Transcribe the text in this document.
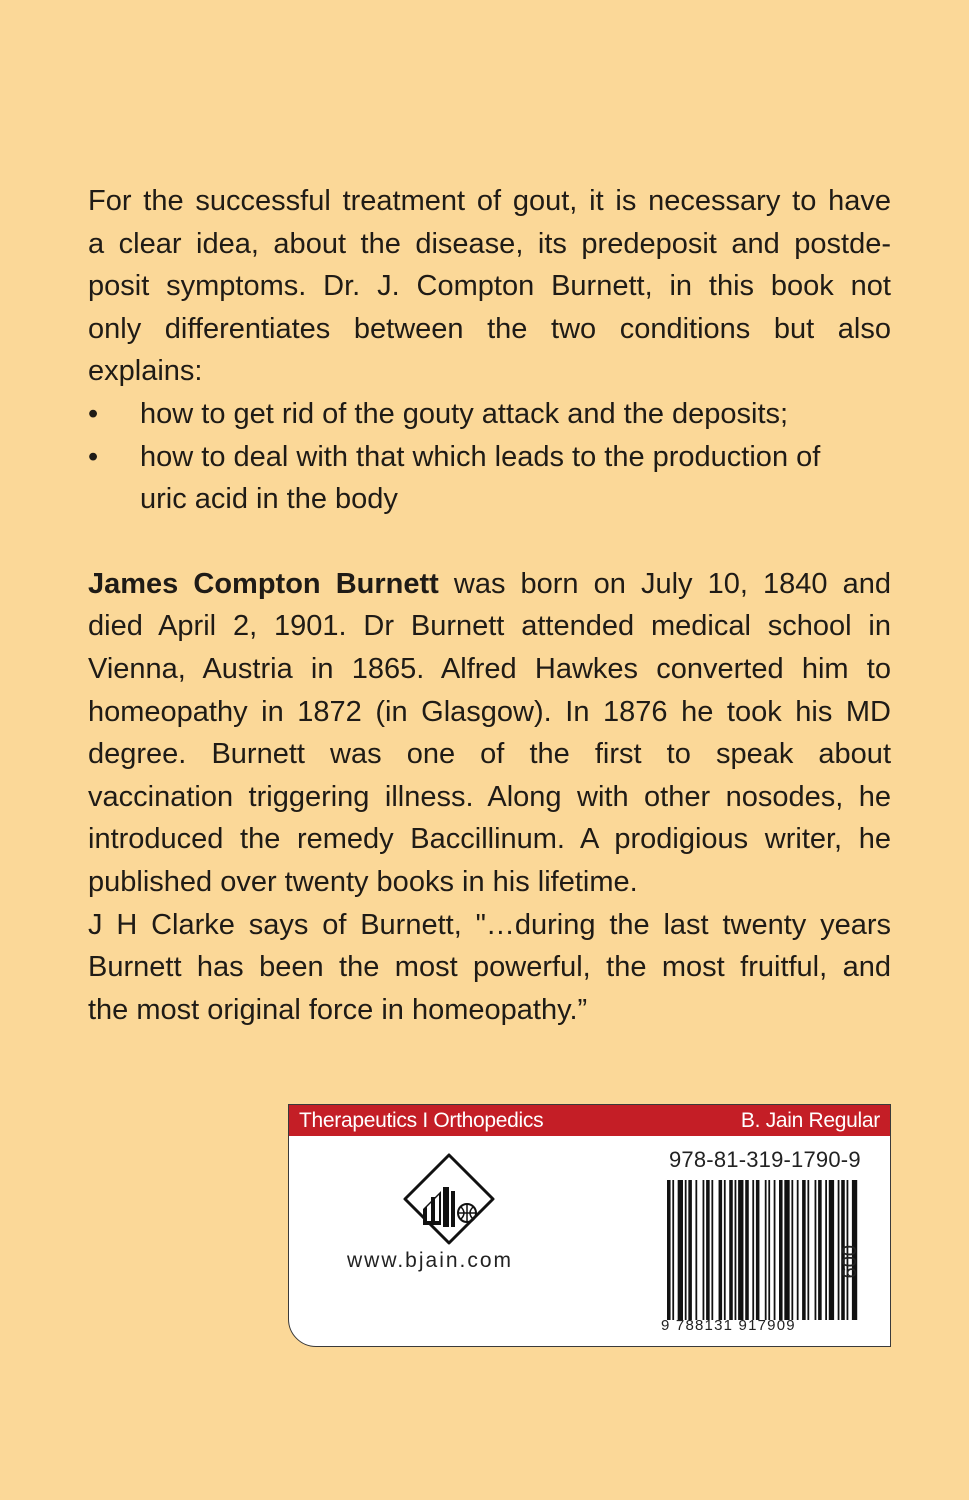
For the successful treatment of gout, it is necessary to have
a clear idea, about the disease, its predeposit and postde-
posit symptoms. Dr. J. Compton Burnett, in this book not
only differentiates between the two conditions but also
explains:
•	how to get rid of the gouty attack and the deposits;
•	how to deal with that which leads to the production of uric acid in the body
James Compton Burnett was born on July 10, 1840 and
died April 2, 1901. Dr Burnett attended medical school in
Vienna, Austria in 1865. Alfred Hawkes converted him to
homeopathy in 1872 (in Glasgow). In 1876 he took his MD
degree. Burnett was one of the first to speak about
vaccination triggering illness. Along with other nosodes, he
introduced the remedy Baccillinum. A prodigious writer, he
published over twenty books in his lifetime.
J H Clarke says of Burnett, "…during the last twenty years
Burnett has been the most powerful, the most fruitful, and
the most original force in homeopathy.”
Therapeutics I Orthopedics	B. Jain Regular
www.bjain.com
978-81-319-1790-9
9 788131 917909
009
